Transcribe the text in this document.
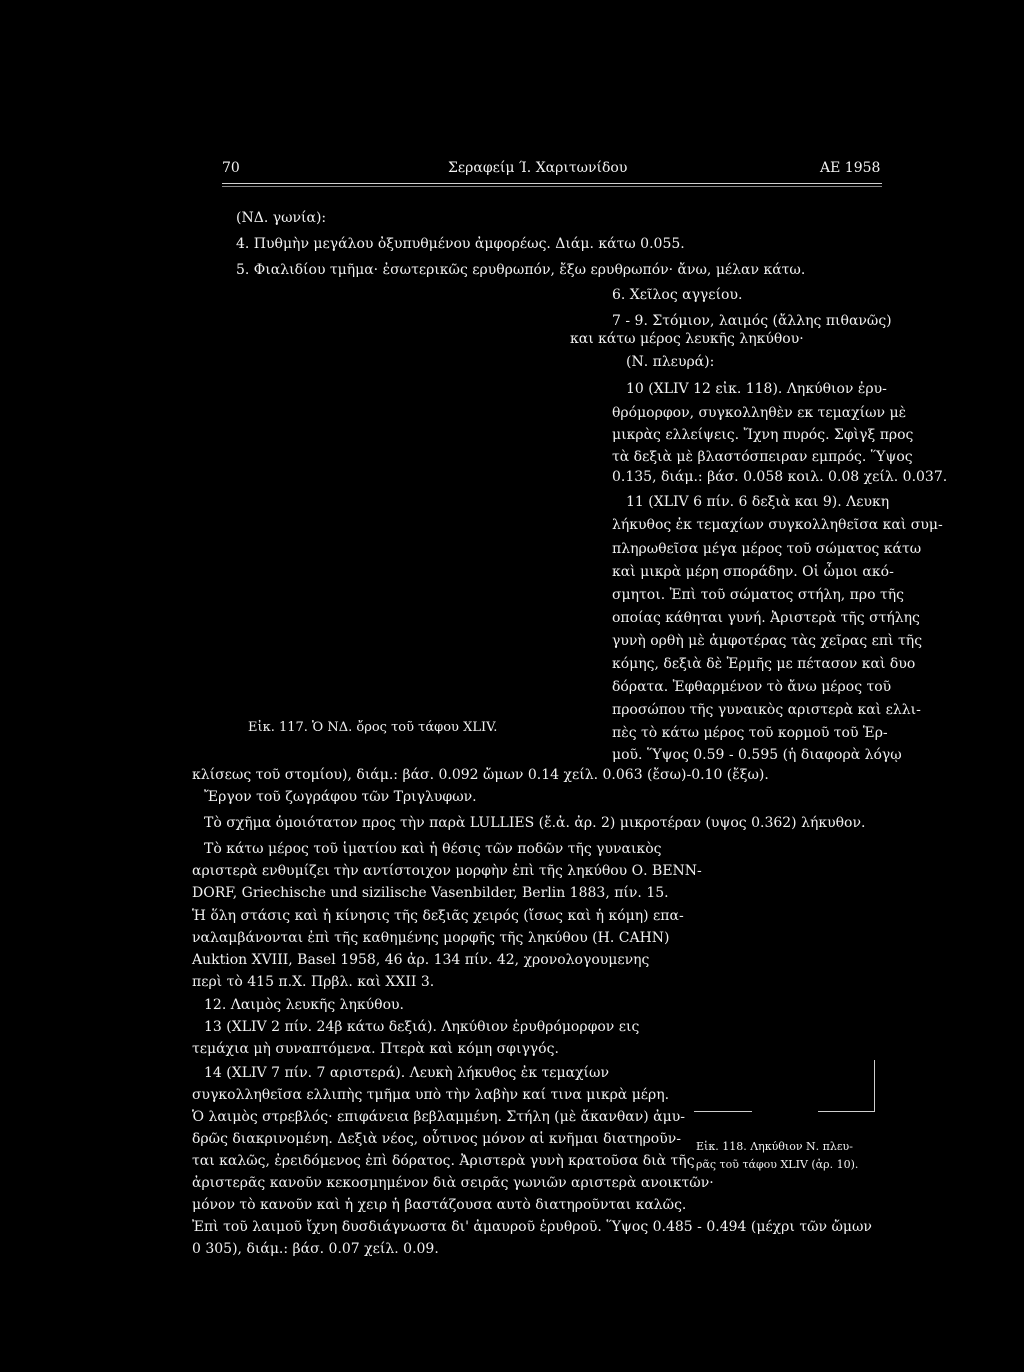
70	Σεραφείμ Ί. Χαριτωνίδου	ΑΕ 1958
(ΝΔ. γωνία):
4. Πυθμὴν μεγάλου ὀξυπυθμένου ἀμφορέως. Διάμ. κάτω 0.055.
5. Φιαλιδίου τμῆμα· ἐσωτερικῶς ερυθρωπόν, ἔξω ερυθρωπόν· ἄνω, μέλαν κάτω.
6. Χεῖλος αγγείου.
7 - 9. Στόμιον, λαιμός (ἄλλης πιθανῶς)
και κάτω μέρος λευκῆς ληκύθου·
(Ν. πλευρά):
10 (XLIV 12 εἰκ. 118). Ληκύθιον ἐρυ-
θρόμορφον, συγκολληθὲν εκ τεμαχίων μὲ
μικρὰς ελλείψεις. Ἴχνη πυρός. Σφὶγξ προς
τὰ δεξιὰ μὲ βλαστόσπειραν εμπρός. Ὕψος
0.135, διάμ.: βάσ. 0.058 κοιλ. 0.08 χείλ. 0.037.
11 (XLIV 6 πίν. 6 δεξιὰ και 9). Λευκη
λήκυθος ἐκ τεμαχίων συγκολληθεῖσα καὶ συμ-
πληρωθεῖσα μέγα μέρος τοῦ σώματος κάτω
καὶ μικρὰ μέρη σποράδην. Οἱ ὦμοι ακό-
σμητοι. Ἐπὶ τοῦ σώματος στήλη, προ τῆς
οποίας κάθηται γυνή. Ἀριστερὰ τῆς στήλης
γυνὴ ορθὴ μὲ ἀμφοτέρας τὰς χεῖρας επὶ τῆς
κόμης, δεξιὰ δὲ Ἑρμῆς με πέτασον καὶ δυο
δόρατα. Ἐφθαρμένον τὸ ἄνω μέρος τοῦ
προσώπου τῆς γυναικὸς αριστερὰ καὶ ελλι-
πὲς τὸ κάτω μέρος τοῦ κορμοῦ τοῦ Ἑρ-
μοῦ. Ὕψος 0.59 - 0.595 (ἡ διαφορὰ λόγῳ
Εἰκ. 117. Ὁ ΝΔ. ὄρος τοῦ τάφου XLIV.
κλίσεως τοῦ στομίου), διάμ.: βάσ. 0.092 ὤμων 0.14 χείλ. 0.063 (ἔσω)-0.10 (ἔξω).
Ἔργον τοῦ ζωγράφου τῶν Τριγλυφων.
Τὸ σχῆμα ὁμοιότατον προς τὴν παρὰ LULLIES (ἔ.ἀ. ἀρ. 2) μικροτέραν (υψος 0.362) λήκυθον.
Τὸ κάτω μέρος τοῦ ἱματίου καὶ ἡ θέσις τῶν ποδῶν τῆς γυναικὸς
αριστερὰ ενθυμίζει τὴν αντίστοιχον μορφὴν ἐπὶ τῆς ληκύθου Ο. BENN-
DORF, Griechische und sizilische Vasenbilder, Berlin 1883, πίν. 15.
Ἡ ὅλη στάσις καὶ ἡ κίνησις τῆς δεξιᾶς χειρός (ἴσως καὶ ἡ κόμη) επα-
ναλαμβάνονται ἐπὶ τῆς καθημένης μορφῆς τῆς ληκύθου (H. CAHN)
Auktion XVIII, Basel 1958, 46 ἀρ. 134 πίν. 42, χρονολογουμενης
περὶ τὸ 415 π.Χ. Πρβλ. καὶ XXII 3.
12. Λαιμὸς λευκῆς ληκύθου.
13 (XLIV 2 πίν. 24β κάτω δεξιά). Ληκύθιον ἐρυθρόμορφον εις
τεμάχια μὴ συναπτόμενα. Πτερὰ καὶ κόμη σφιγγός.
14 (XLIV 7 πίν. 7 αριστερά). Λευκὴ λήκυθος ἐκ τεμαχίων
συγκολληθεῖσα ελλιπὴς τμῆμα υπὸ τὴν λαβὴν καί τινα μικρὰ μέρη.
Ὁ λαιμὸς στρεβλός· επιφάνεια βεβλαμμένη. Στήλη (μὲ ἄκανθαν) ἀμυ-
δρῶς διακρινομένη. Δεξιὰ νέος, οὗτινος μόνον αἱ κνῆμαι διατηροῦν-
ται καλῶς, ἐρειδόμενος ἐπὶ δόρατος. Ἀριστερὰ γυνὴ κρατοῦσα διὰ τῆς
ἀριστερᾶς κανοῦν κεκοσμημένον διὰ σειρᾶς γωνιῶν αριστερὰ ανοικτῶν·
μόνον τὸ κανοῦν καὶ ἡ χειρ ἡ βαστάζουσα αυτὸ διατηροῦνται καλῶς.
Ἐπὶ τοῦ λαιμοῦ ἴχνη δυσδιάγνωστα δι' ἀμαυροῦ ἐρυθροῦ. Ὕψος 0.485 - 0.494 (μέχρι τῶν ὤμων
0 305), διάμ.: βάσ. 0.07 χείλ. 0.09.
Εἰκ. 118. Ληκύθιον Ν. πλευ-
ρᾶς τοῦ τάφου XLIV (ἀρ. 10).
